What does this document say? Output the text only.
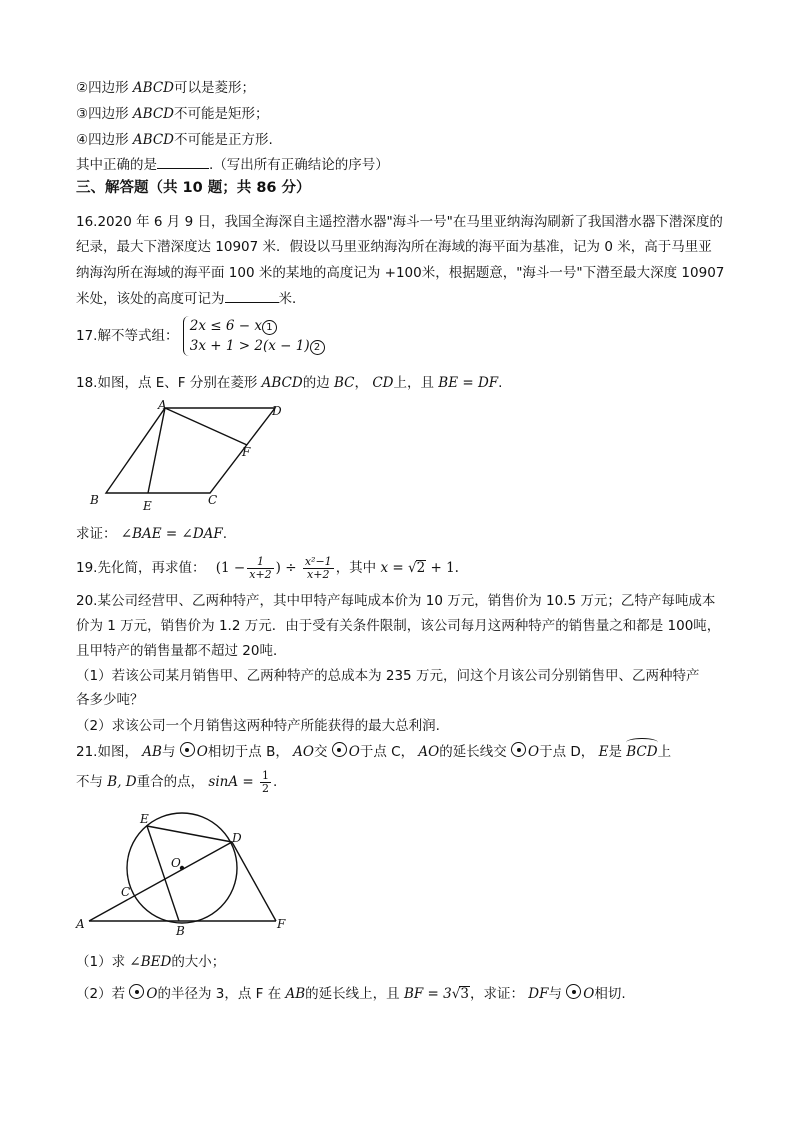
②四边形 ABCD可以是菱形；
③四边形 ABCD不可能是矩形；
④四边形 ABCD不可能是正方形.
其中正确的是	.（写出所有正确结论的序号）
三、解答题（共 10 题；共 86 分）
16.2020 年 6 月 9 日，我国全海深自主遥控潜水器"海斗一号"在马里亚纳海沟刷新了我国潜水器下潜深度的
纪录，最大下潜深度达 10907 米．假设以马里亚纳海沟所在海域的海平面为基准，记为 0 米，高于马里亚
纳海沟所在海域的海平面 100 米的某地的高度记为 +100米，根据题意，"海斗一号"下潜至最大深度 10907
米处，该处的高度可记为	米．
17.解不等式组： 2x ≤ 6 − x 1
3x + 1 > 2(x − 1) 2
18.如图，点 E、F 分别在菱形 ABCD的边 BC， CD上，且 BE = DF.
A	D
B	E	C
F
求证： ∠BAE = ∠DAF.
19.先化简，再求值： ($1 - \frac{1}{x+2}$ ) ÷ $\frac{\text{x²−1}}{x+2}$ ，其中 x = √2 + 1.
20.某公司经营甲、乙两种特产，其中甲特产每吨成本价为 10 万元，销售价为 10.5 万元；乙特产每吨成本
价为 1 万元，销售价为 1.2 万元．由于受有关条件限制，该公司每月这两种特产的销售量之和都是 100吨，
且甲特产的销售量都不超过 20吨．
（1）若该公司某月销售甲、乙两种特产的总成本为 235 万元，问这个月该公司分别销售甲、乙两种特产
各多少吨？
（2）求该公司一个月销售这两种特产所能获得的最大总利润.
21.如图， AB与 O相切于点 B， AO交 O于点 C， AO的延长线交 O于点 D， E是 BCD上
不与 B, D重合的点， $\sin A = \frac{1}{2}$ .
E
D
O
C
A	B	F
（1）求 ∠BED的大小；
（2）若 O的半径为 3，点 F 在 AB的延长线上，且 BF = 3√3，求证： DF与 O相切.
